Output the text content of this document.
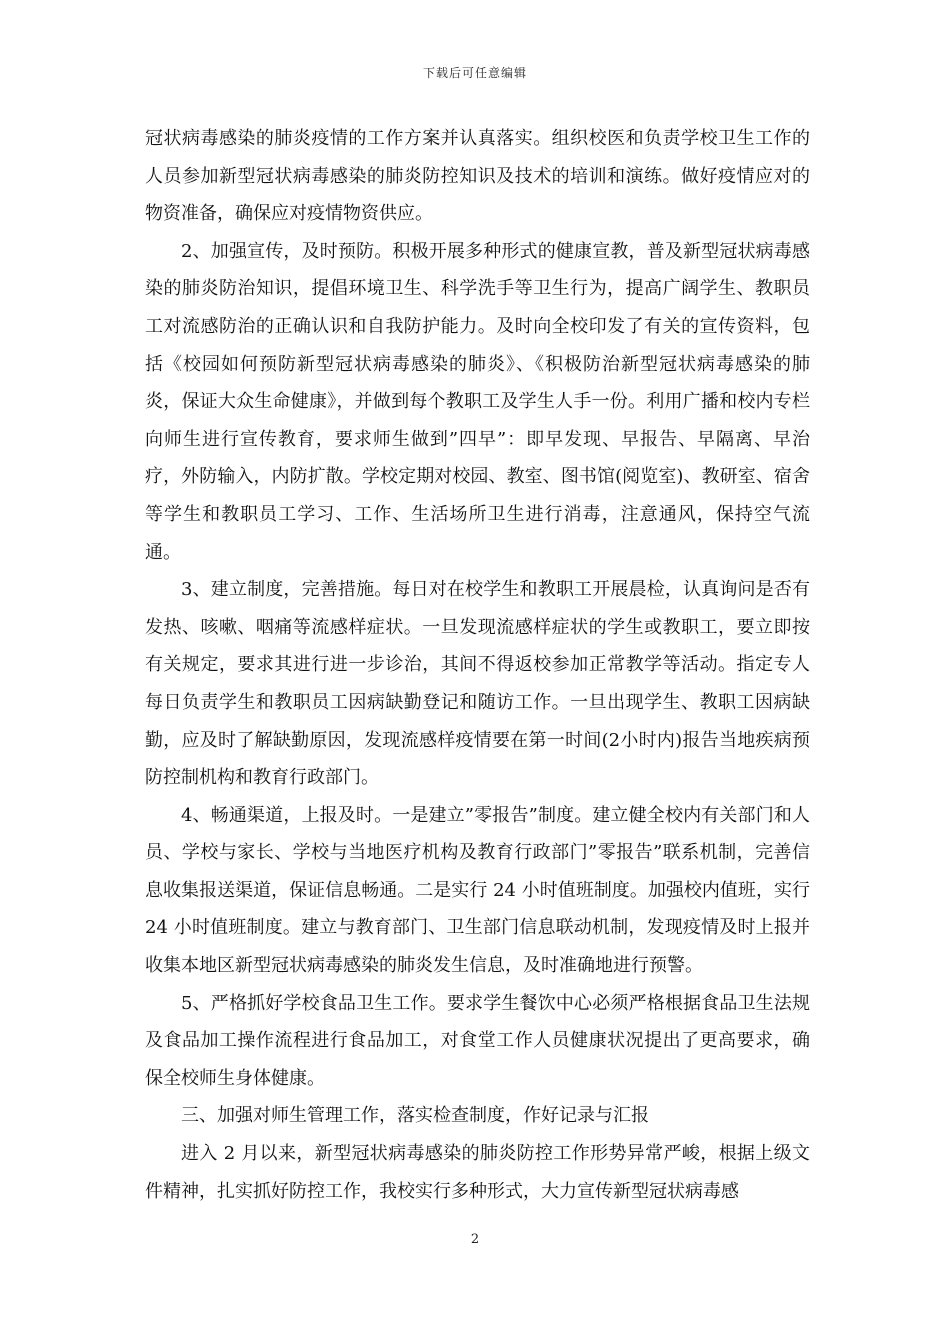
下载后可任意编辑

冠状病毒感染的肺炎疫情的工作方案并认真落实。组织校医和负责学校卫生工作的人员参加新型冠状病毒感染的肺炎防控知识及技术的培训和演练。做好疫情应对的物资准备，确保应对疫情物资供应。

2、加强宣传，及时预防。积极开展多种形式的健康宣教，普及新型冠状病毒感染的肺炎防治知识，提倡环境卫生、科学洗手等卫生行为，提高广阔学生、教职员工对流感防治的正确认识和自我防护能力。及时向全校印发了有关的宣传资料，包括《校园如何预防新型冠状病毒感染的肺炎》、《积极防治新型冠状病毒感染的肺炎，保证大众生命健康》，并做到每个教职工及学生人手一份。利用广播和校内专栏向师生进行宣传教育，要求师生做到”四早”：即早发现、早报告、早隔离、早治疗，外防输入，内防扩散。学校定期对校园、教室、图书馆(阅览室)、教研室、宿舍等学生和教职员工学习、工作、生活场所卫生进行消毒，注意通风，保持空气流通。

3、建立制度，完善措施。每日对在校学生和教职工开展晨检，认真询问是否有发热、咳嗽、咽痛等流感样症状。一旦发现流感样症状的学生或教职工，要立即按有关规定，要求其进行进一步诊治，其间不得返校参加正常教学等活动。指定专人每日负责学生和教职员工因病缺勤登记和随访工作。一旦出现学生、教职工因病缺勤，应及时了解缺勤原因，发现流感样疫情要在第一时间(2小时内)报告当地疾病预防控制机构和教育行政部门。

4、畅通渠道，上报及时。一是建立”零报告”制度。建立健全校内有关部门和人员、学校与家长、学校与当地医疗机构及教育行政部门”零报告”联系机制，完善信息收集报送渠道，保证信息畅通。二是实行 24 小时值班制度。加强校内值班，实行 24 小时值班制度。建立与教育部门、卫生部门信息联动机制，发现疫情及时上报并收集本地区新型冠状病毒感染的肺炎发生信息，及时准确地进行预警。

5、严格抓好学校食品卫生工作。要求学生餐饮中心必须严格根据食品卫生法规及食品加工操作流程进行食品加工，对食堂工作人员健康状况提出了更高要求，确保全校师生身体健康。

三、加强对师生管理工作，落实检查制度，作好记录与汇报

进入 2 月以来，新型冠状病毒感染的肺炎防控工作形势异常严峻，根据上级文件精神，扎实抓好防控工作，我校实行多种形式，大力宣传新型冠状病毒感

2
